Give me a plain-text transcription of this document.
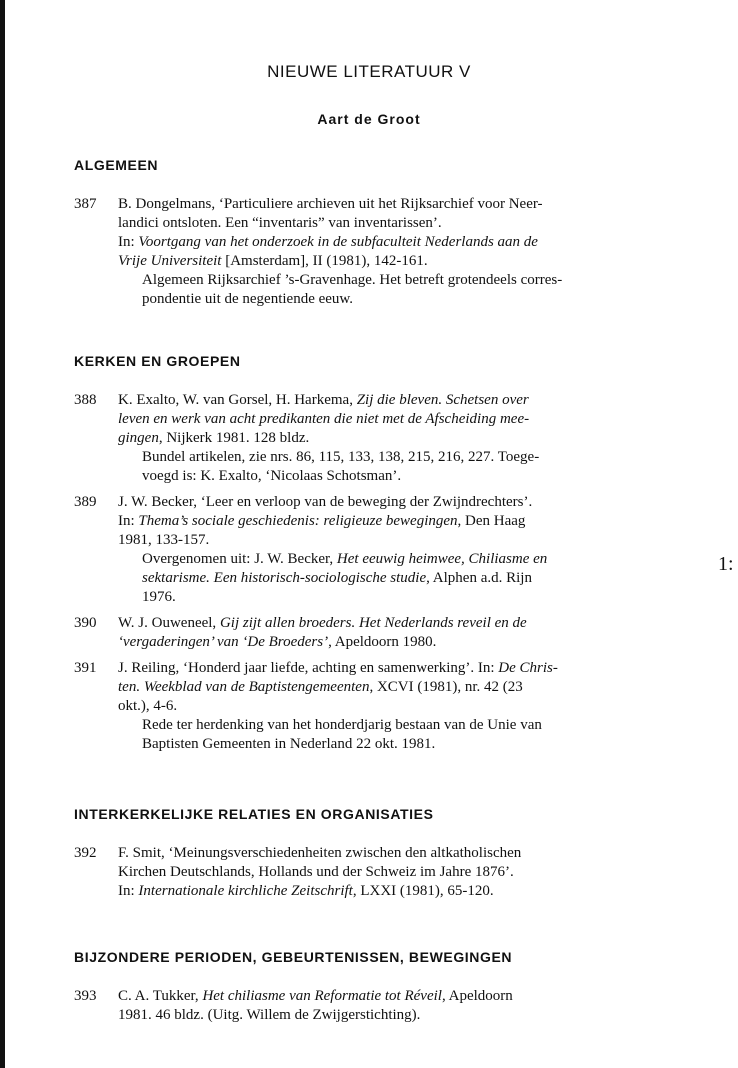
1:
NIEUWE LITERATUUR V
Aart de Groot
ALGEMEEN
387 B. Dongelmans, ‘Particuliere archieven uit het Rijksarchief voor Neer-
landici ontsloten. Een “inventaris” van inventarissen’.
In: Voortgang van het onderzoek in de subfaculteit Nederlands aan de
Vrije Universiteit [Amsterdam], II (1981), 142-161.
Algemeen Rijksarchief ’s-Gravenhage. Het betreft grotendeels corres-
pondentie uit de negentiende eeuw.
KERKEN EN GROEPEN
388 K. Exalto, W. van Gorsel, H. Harkema, Zij die bleven. Schetsen over
leven en werk van acht predikanten die niet met de Afscheiding mee-
gingen, Nijkerk 1981. 128 bldz.
Bundel artikelen, zie nrs. 86, 115, 133, 138, 215, 216, 227. Toege-
voegd is: K. Exalto, ‘Nicolaas Schotsman’.
389 J. W. Becker, ‘Leer en verloop van de beweging der Zwijndrechters’.
In: Thema’s sociale geschiedenis: religieuze bewegingen, Den Haag
1981, 133-157.
Overgenomen uit: J. W. Becker, Het eeuwig heimwee, Chiliasme en
sektarisme. Een historisch-sociologische studie, Alphen a.d. Rijn
1976.
390 W. J. Ouweneel, Gij zijt allen broeders. Het Nederlands reveil en de
‘vergaderingen’ van ‘De Broeders’, Apeldoorn 1980.
391 J. Reiling, ‘Honderd jaar liefde, achting en samenwerking’. In: De Chris-
ten. Weekblad van de Baptistengemeenten, XCVI (1981), nr. 42 (23
okt.), 4-6.
Rede ter herdenking van het honderdjarig bestaan van de Unie van
Baptisten Gemeenten in Nederland 22 okt. 1981.
INTERKERKELIJKE RELATIES EN ORGANISATIES
392 F. Smit, ‘Meinungsverschiedenheiten zwischen den altkatholischen
Kirchen Deutschlands, Hollands und der Schweiz im Jahre 1876’.
In: Internationale kirchliche Zeitschrift, LXXI (1981), 65-120.
BIJZONDERE PERIODEN, GEBEURTENISSEN, BEWEGINGEN
393 C. A. Tukker, Het chiliasme van Reformatie tot Réveil, Apeldoorn
1981. 46 bldz. (Uitg. Willem de Zwijgerstichting).
